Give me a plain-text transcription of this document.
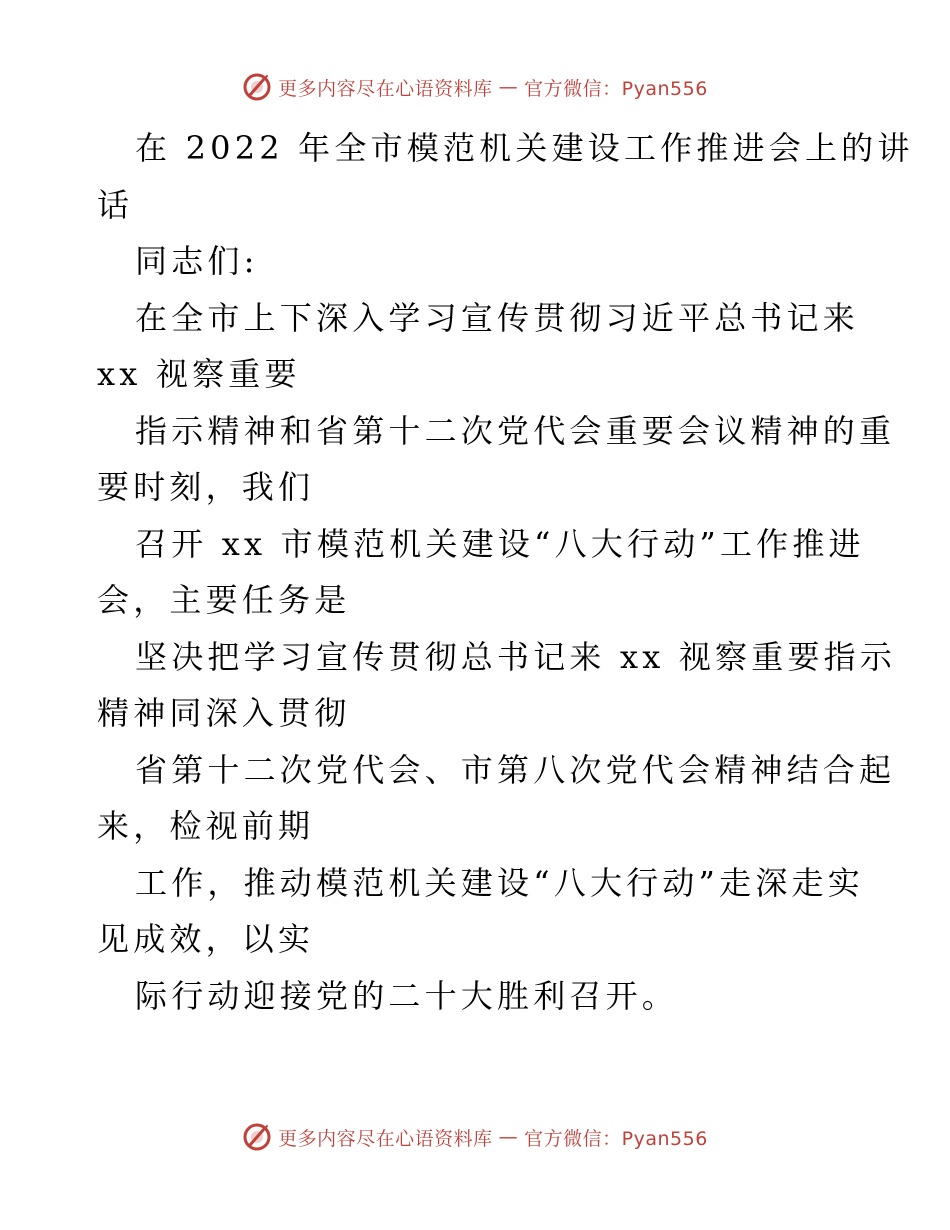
更多内容尽在心语资料库 — 官方微信：Pyan556
在 2022 年全市模范机关建设工作推进会上的讲
话
同志们:
在全市上下深入学习宣传贯彻习近平总书记来
xx 视察重要
指示精神和省第十二次党代会重要会议精神的重
要时刻，我们
召开 xx 市模范机关建设“八大行动”工作推进
会，主要任务是
坚决把学习宣传贯彻总书记来 xx 视察重要指示
精神同深入贯彻
省第十二次党代会、市第八次党代会精神结合起
来，检视前期
工作，推动模范机关建设“八大行动”走深走实
见成效，以实
际行动迎接党的二十大胜利召开。
更多内容尽在心语资料库 — 官方微信：Pyan556
